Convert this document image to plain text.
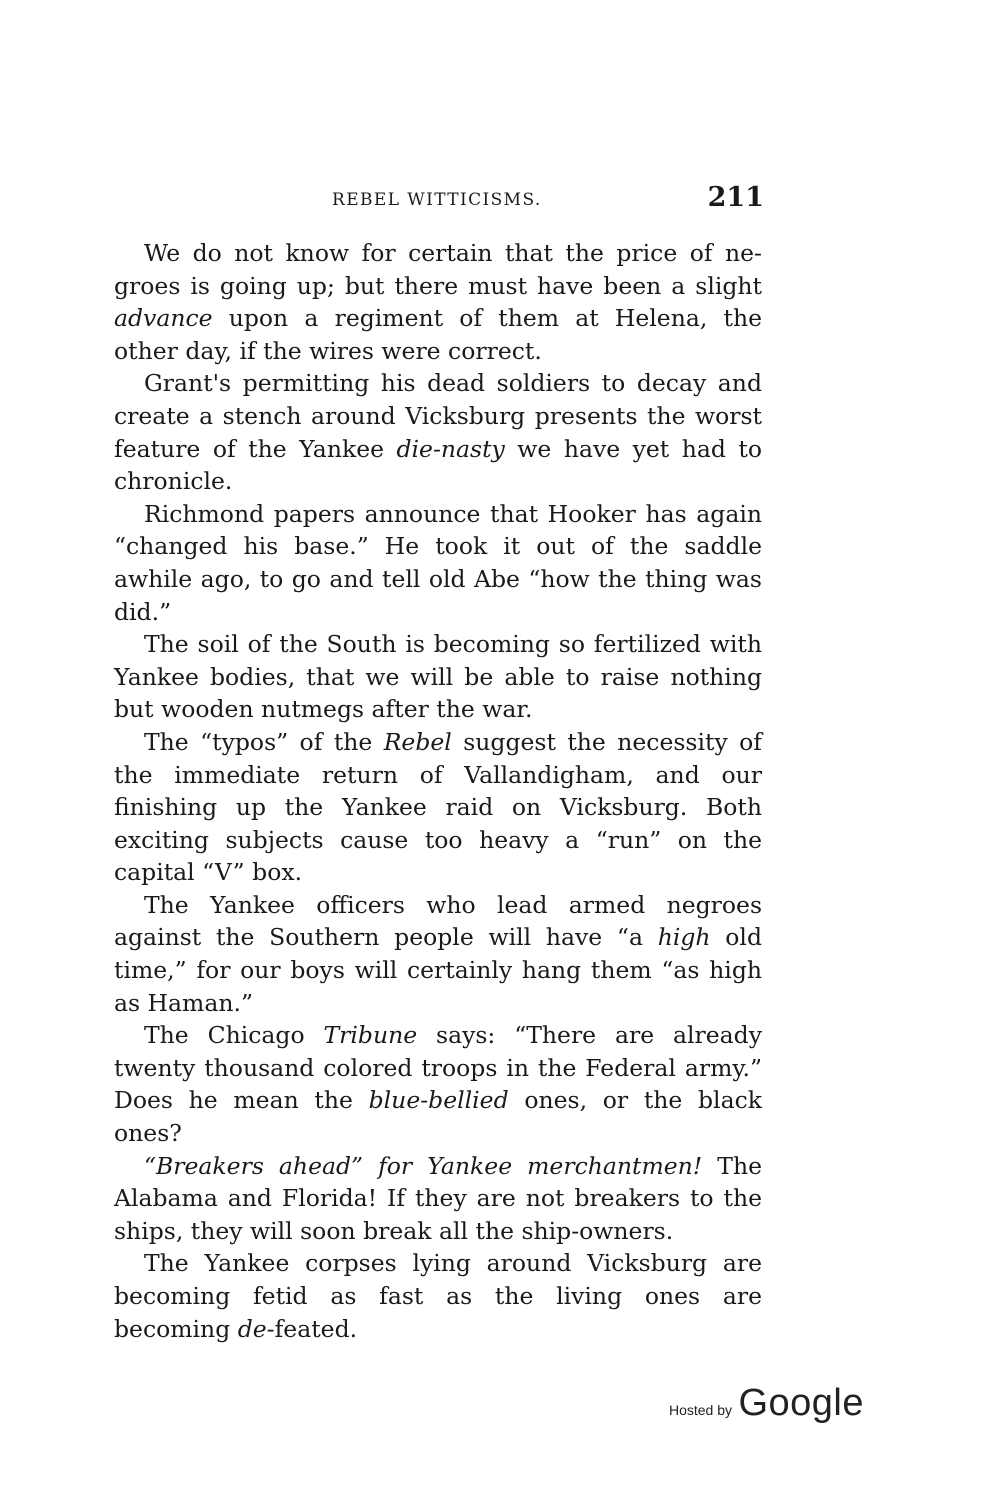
REBEL WITTICISMS.	211

We do not know for certain that the price of negroes is going up; but there must have been a slight advance upon a regiment of them at Helena, the other day, if the wires were correct.

Grant's permitting his dead soldiers to decay and create a stench around Vicksburg presents the worst feature of the Yankee die-nasty we have yet had to chronicle.

Richmond papers announce that Hooker has again “changed his base.” He took it out of the saddle awhile ago, to go and tell old Abe “how the thing was did.”

The soil of the South is becoming so fertilized with Yankee bodies, that we will be able to raise nothing but wooden nutmegs after the war.

The “typos” of the Rebel suggest the necessity of the immediate return of Vallandigham, and our finishing up the Yankee raid on Vicksburg. Both exciting subjects cause too heavy a “run” on the capital “V” box.

The Yankee officers who lead armed negroes against the Southern people will have “a high old time,” for our boys will certainly hang them “as high as Haman.”

The Chicago Tribune says: “There are already twenty thousand colored troops in the Federal army.” Does he mean the blue-bellied ones, or the black ones?

“Breakers ahead” for Yankee merchantmen! The Alabama and Florida! If they are not breakers to the ships, they will soon break all the ship-owners.

The Yankee corpses lying around Vicksburg are becoming fetid as fast as the living ones are becoming de-feated.

Hosted by Google
